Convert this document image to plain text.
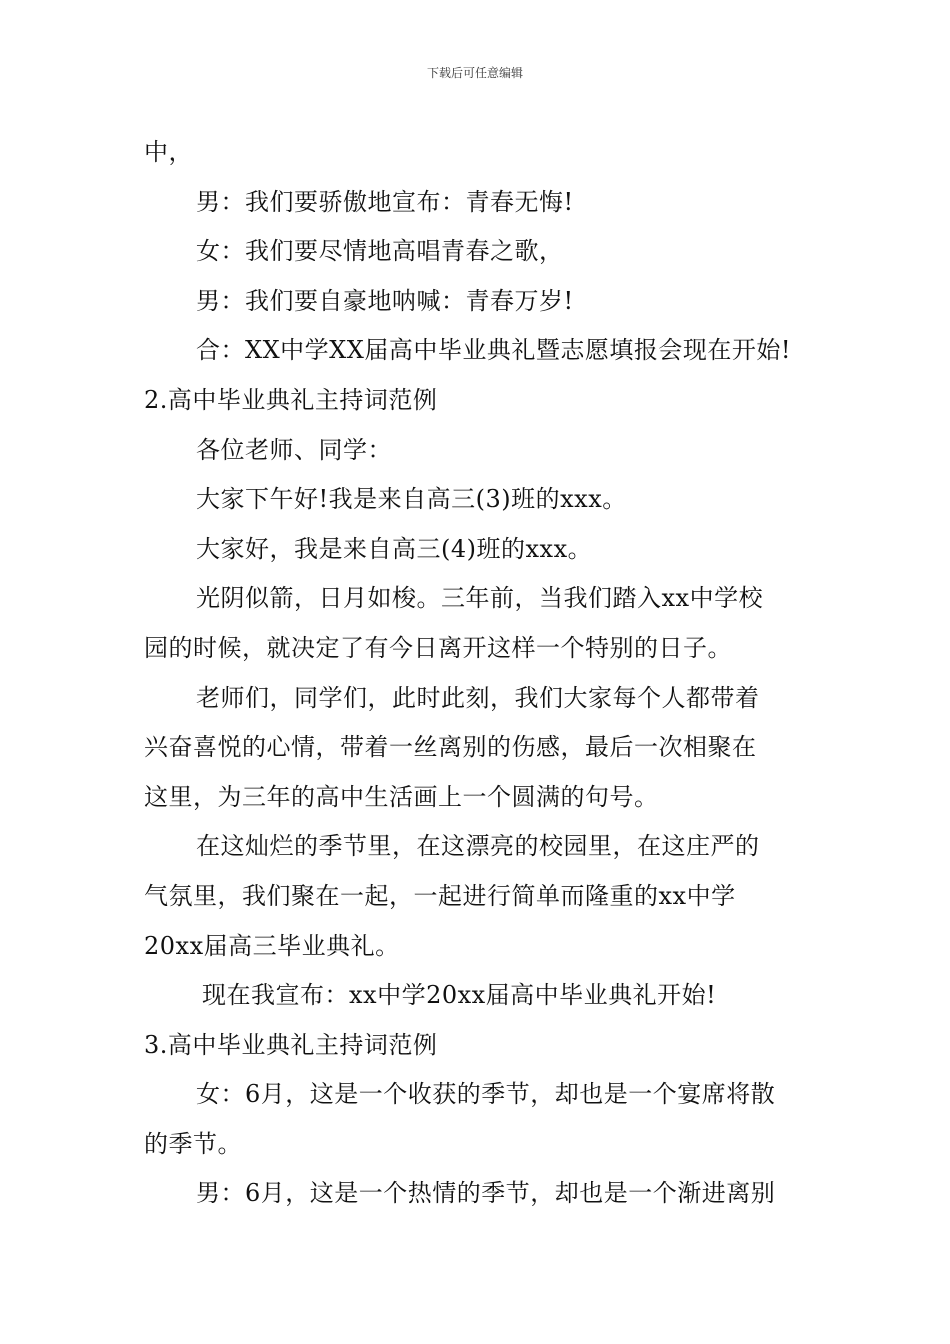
下载后可任意编辑

中，

男：我们要骄傲地宣布：青春无悔!

女：我们要尽情地高唱青春之歌，

男：我们要自豪地呐喊：青春万岁!

合：XX中学XX届高中毕业典礼暨志愿填报会现在开始!

2.高中毕业典礼主持词范例

各位老师、同学：

大家下午好!我是来自高三(3)班的xxx。

大家好，我是来自高三(4)班的xxx。

光阴似箭，日月如梭。三年前，当我们踏入xx中学校

园的时候，就决定了有今日离开这样一个特别的日子。

老师们，同学们，此时此刻，我们大家每个人都带着

兴奋喜悦的心情，带着一丝离别的伤感，最后一次相聚在

这里，为三年的高中生活画上一个圆满的句号。

在这灿烂的季节里，在这漂亮的校园里，在这庄严的

气氛里，我们聚在一起，一起进行简单而隆重的xx中学

20xx届高三毕业典礼。

现在我宣布：xx中学20xx届高中毕业典礼开始!

3.高中毕业典礼主持词范例

女：6月，这是一个收获的季节，却也是一个宴席将散

的季节。

男：6月，这是一个热情的季节，却也是一个渐进离别
